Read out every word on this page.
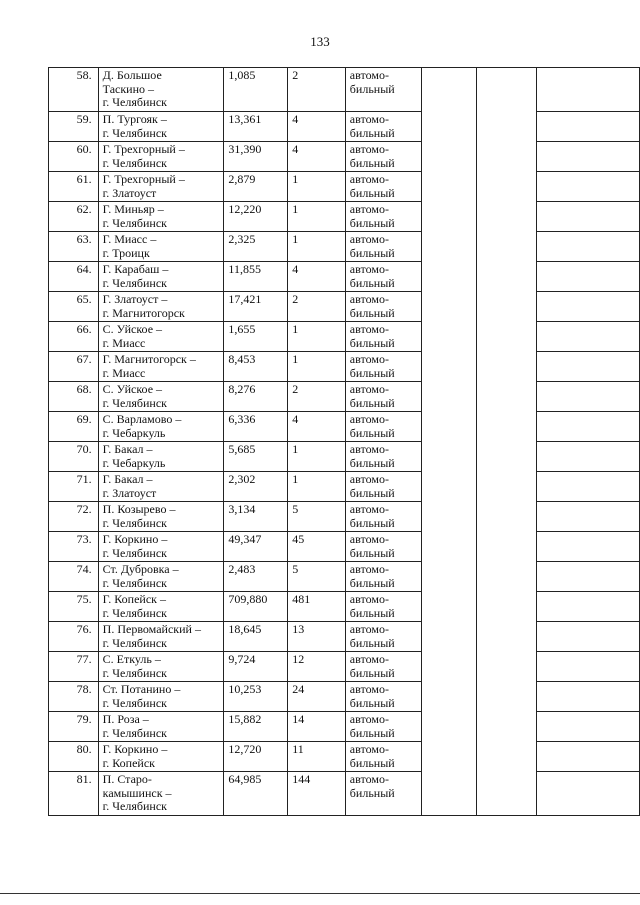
133
58.	Д. Большое
Таскино –
г. Челябинск	1,085	2	автомо-
бильный			

59.	П. Тургояк –
г. Челябинск	13,361	4	автомо-
бильный			

60.	Г. Трехгорный –
г. Челябинск	31,390	4	автомо-
бильный			

61.	Г. Трехгорный –
г. Златоуст	2,879	1	автомо-
бильный			

62.	Г. Миньяр –
г. Челябинск	12,220	1	автомо-
бильный			

63.	Г. Миасс –
г. Троицк	2,325	1	автомо-
бильный			

64.	Г. Карабаш –
г. Челябинск	11,855	4	автомо-
бильный			

65.	Г. Златоуст –
г. Магнитогорск	17,421	2	автомо-
бильный			

66.	С. Уйское –
г. Миасс	1,655	1	автомо-
бильный			

67.	Г. Магнитогорск –
г. Миасс	8,453	1	автомо-
бильный			

68.	С. Уйское –
г. Челябинск	8,276	2	автомо-
бильный			

69.	С. Варламово –
г. Чебаркуль	6,336	4	автомо-
бильный			

70.	Г. Бакал –
г. Чебаркуль	5,685	1	автомо-
бильный			

71.	Г. Бакал –
г. Златоуст	2,302	1	автомо-
бильный			

72.	П. Козырево –
г. Челябинск	3,134	5	автомо-
бильный			

73.	Г. Коркино –
г. Челябинск	49,347	45	автомо-
бильный			

74.	Ст. Дубровка –
г. Челябинск	2,483	5	автомо-
бильный			

75.	Г. Копейск –
г. Челябинск	709,880	481	автомо-
бильный			

76.	П. Первомайский –
г. Челябинск	18,645	13	автомо-
бильный			

77.	С. Еткуль –
г. Челябинск	9,724	12	автомо-
бильный			

78.	Ст. Потанино –
г. Челябинск	10,253	24	автомо-
бильный			

79.	П. Роза –
г. Челябинск	15,882	14	автомо-
бильный			

80.	Г. Коркино –
г. Копейск	12,720	11	автомо-
бильный			

81.	П. Старо-
камышинск –
г. Челябинск	64,985	144	автомо-
бильный			
